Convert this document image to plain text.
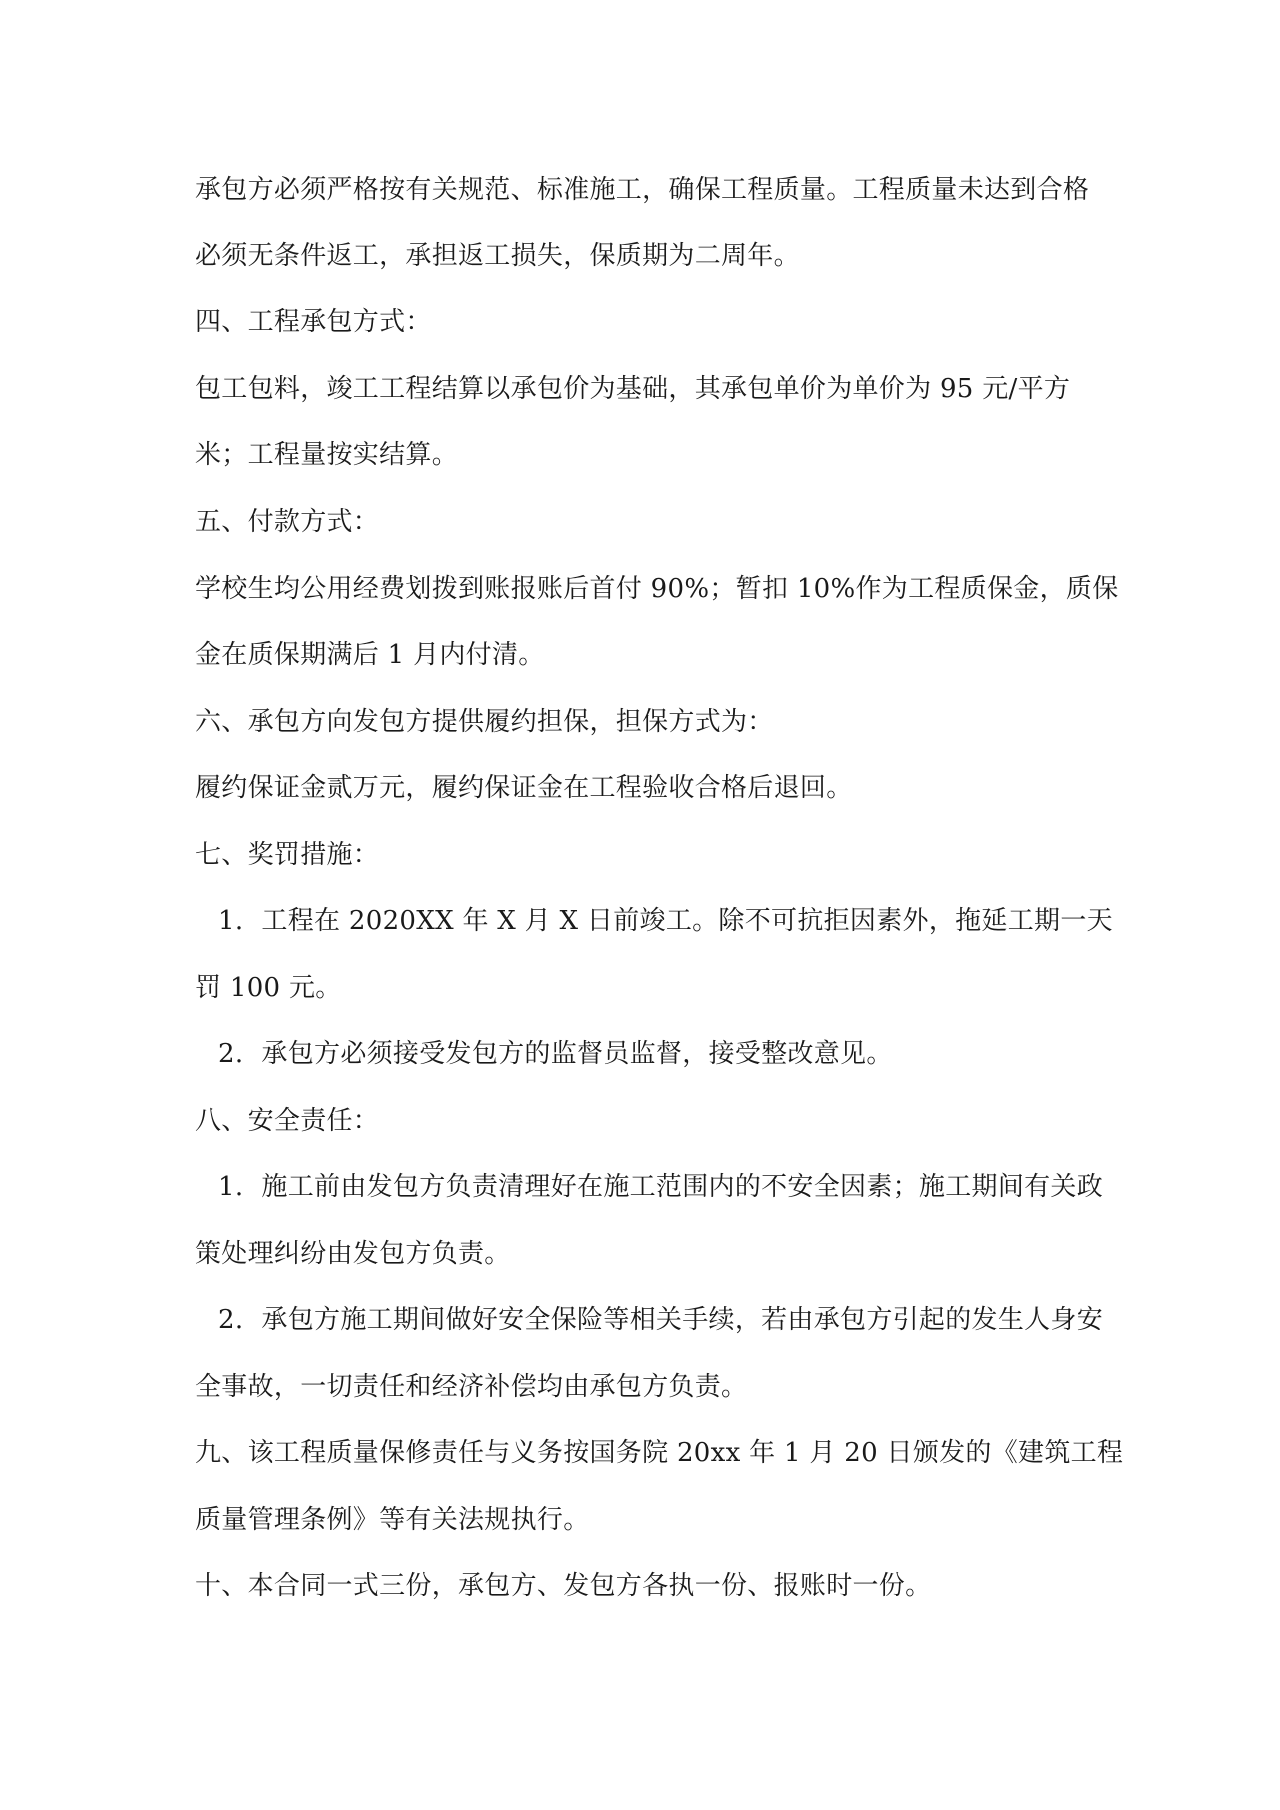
承包方必须严格按有关规范、标准施工，确保工程质量。工程质量未达到合格
必须无条件返工，承担返工损失，保质期为二周年。
四、工程承包方式：
包工包料，竣工工程结算以承包价为基础，其承包单价为单价为 95 元/平方
米；工程量按实结算。
五、付款方式：
学校生均公用经费划拨到账报账后首付 90%；暂扣 10%作为工程质保金，质保
金在质保期满后 1 月内付清。
六、承包方向发包方提供履约担保，担保方式为：
履约保证金贰万元，履约保证金在工程验收合格后退回。
七、奖罚措施：
1. 工程在 2020XX 年 X 月 X 日前竣工。除不可抗拒因素外，拖延工期一天
罚 100 元。
2. 承包方必须接受发包方的监督员监督，接受整改意见。
八、安全责任：
1. 施工前由发包方负责清理好在施工范围内的不安全因素；施工期间有关政
策处理纠纷由发包方负责。
2. 承包方施工期间做好安全保险等相关手续，若由承包方引起的发生人身安
全事故，一切责任和经济补偿均由承包方负责。
九、该工程质量保修责任与义务按国务院 20xx 年 1 月 20 日颁发的《建筑工程
质量管理条例》等有关法规执行。
十、本合同一式三份，承包方、发包方各执一份、报账时一份。
